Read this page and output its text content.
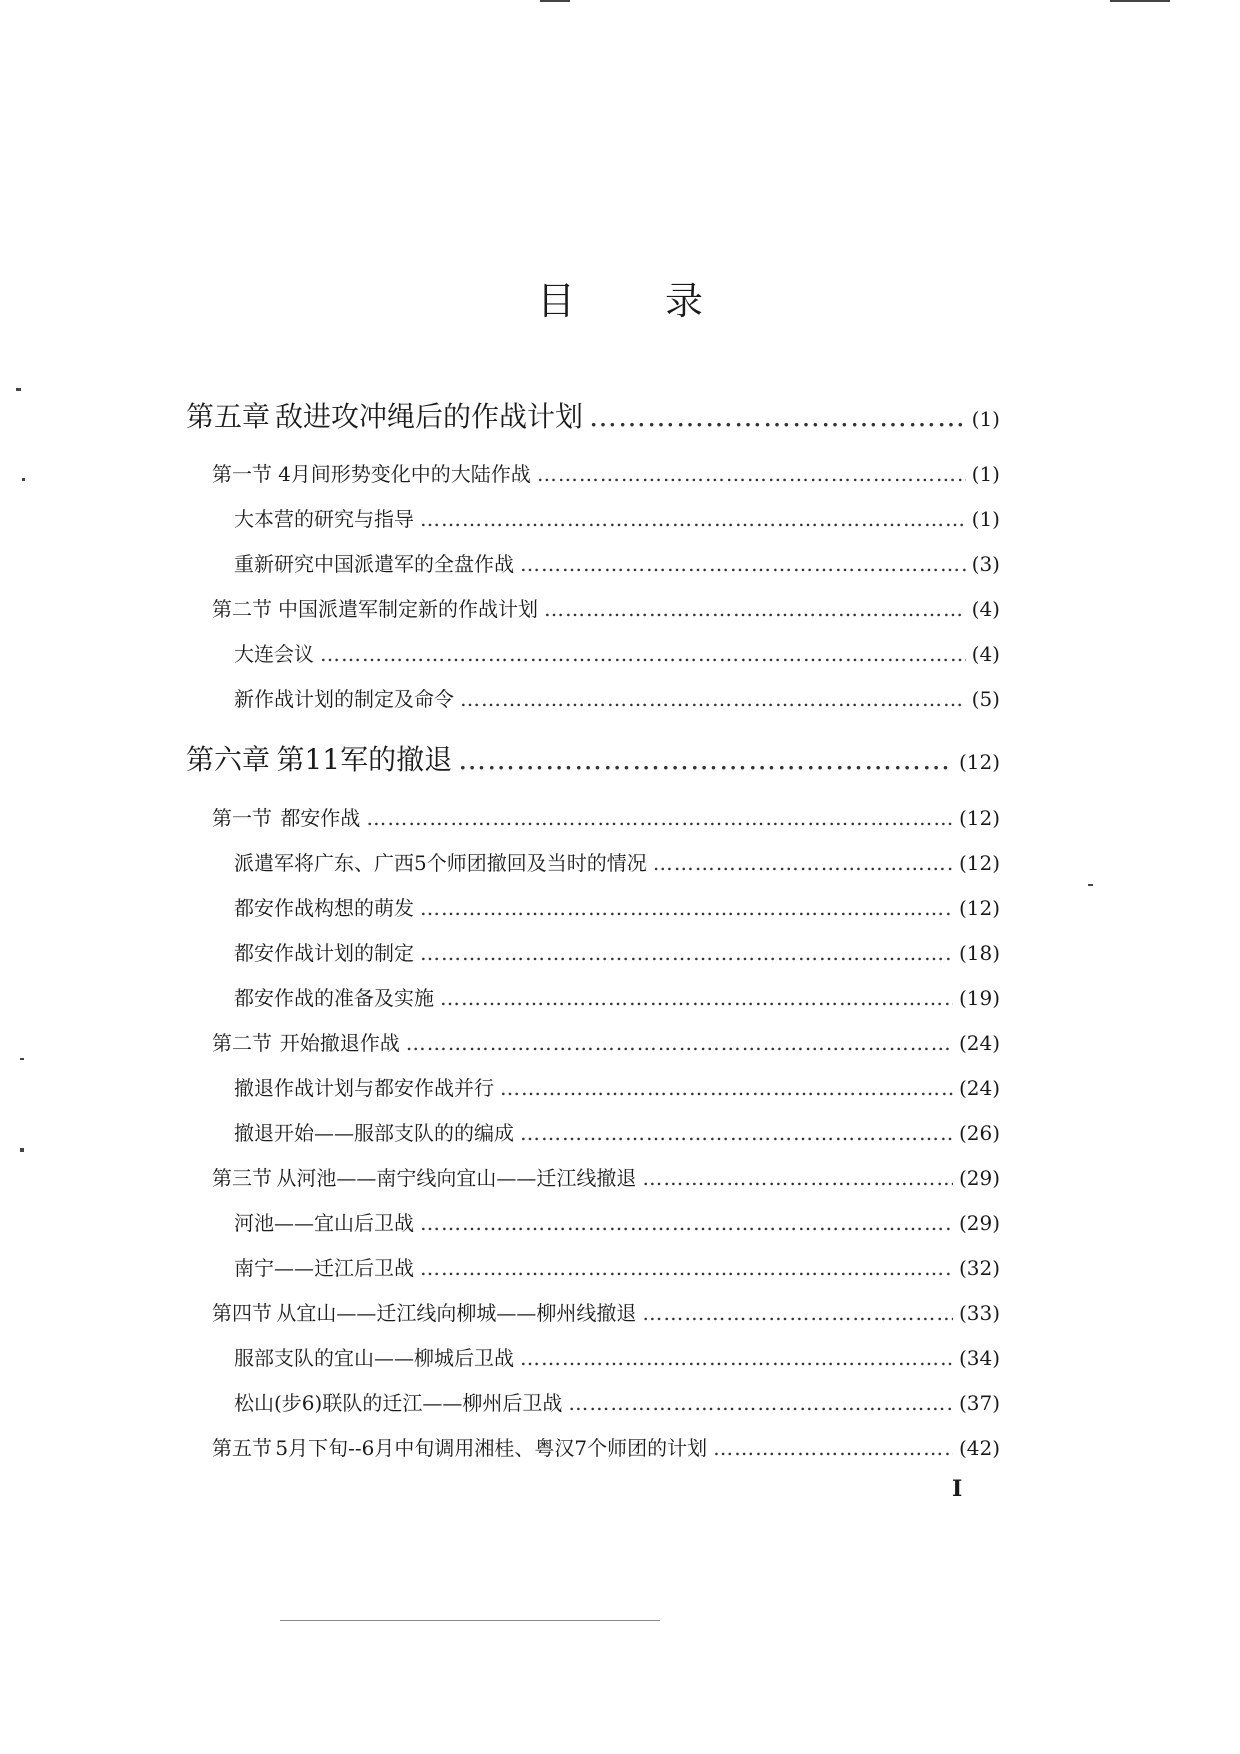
目录
第五章 敌进攻冲绳后的作战计划 ……………………………………………………………………………………………………………………………………………………………………………………………………	(1)
第一节 4月间形势变化中的大陆作战 ……………………………………………………………………………………………………………………………………………………………………………………………………	(1)
大本营的研究与指导 ……………………………………………………………………………………………………………………………………………………………………………………………………	(1)
重新研究中国派遣军的全盘作战 ……………………………………………………………………………………………………………………………………………………………………………………………………	(3)
第二节 中国派遣军制定新的作战计划 ……………………………………………………………………………………………………………………………………………………………………………………………………	(4)
大连会议 ……………………………………………………………………………………………………………………………………………………………………………………………………	(4)
新作战计划的制定及命令 ……………………………………………………………………………………………………………………………………………………………………………………………………	(5)
第六章 第11军的撤退 ……………………………………………………………………………………………………………………………………………………………………………………………………	(12)
第一节 都安作战 ……………………………………………………………………………………………………………………………………………………………………………………………………	(12)
派遣军将广东、广西5个师团撤回及当时的情况 ……………………………………………………………………………………………………………………………………………………………………………………………………	(12)
都安作战构想的萌发 ……………………………………………………………………………………………………………………………………………………………………………………………………	(12)
都安作战计划的制定 ……………………………………………………………………………………………………………………………………………………………………………………………………	(18)
都安作战的准备及实施 ……………………………………………………………………………………………………………………………………………………………………………………………………	(19)
第二节 开始撤退作战 ……………………………………………………………………………………………………………………………………………………………………………………………………	(24)
撤退作战计划与都安作战并行 ……………………………………………………………………………………………………………………………………………………………………………………………………	(24)
撤退开始——服部支队的的编成 ……………………………………………………………………………………………………………………………………………………………………………………………………	(26)
第三节 从河池——南宁线向宜山——迁江线撤退 ……………………………………………………………………………………………………………………………………………………………………………………………………	(29)
河池——宜山后卫战 ……………………………………………………………………………………………………………………………………………………………………………………………………	(29)
南宁——迁江后卫战 ……………………………………………………………………………………………………………………………………………………………………………………………………	(32)
第四节 从宜山——迁江线向柳城——柳州线撤退 ……………………………………………………………………………………………………………………………………………………………………………………………………	(33)
服部支队的宜山——柳城后卫战 ……………………………………………………………………………………………………………………………………………………………………………………………………	(34)
松山(步6)联队的迁江——柳州后卫战 ……………………………………………………………………………………………………………………………………………………………………………………………………	(37)
第五节 5月下旬--6月中旬调用湘桂、粤汉7个师团的计划 ……………………………………………………………………………………………………………………………………………………………………………………………………	(42)
I
